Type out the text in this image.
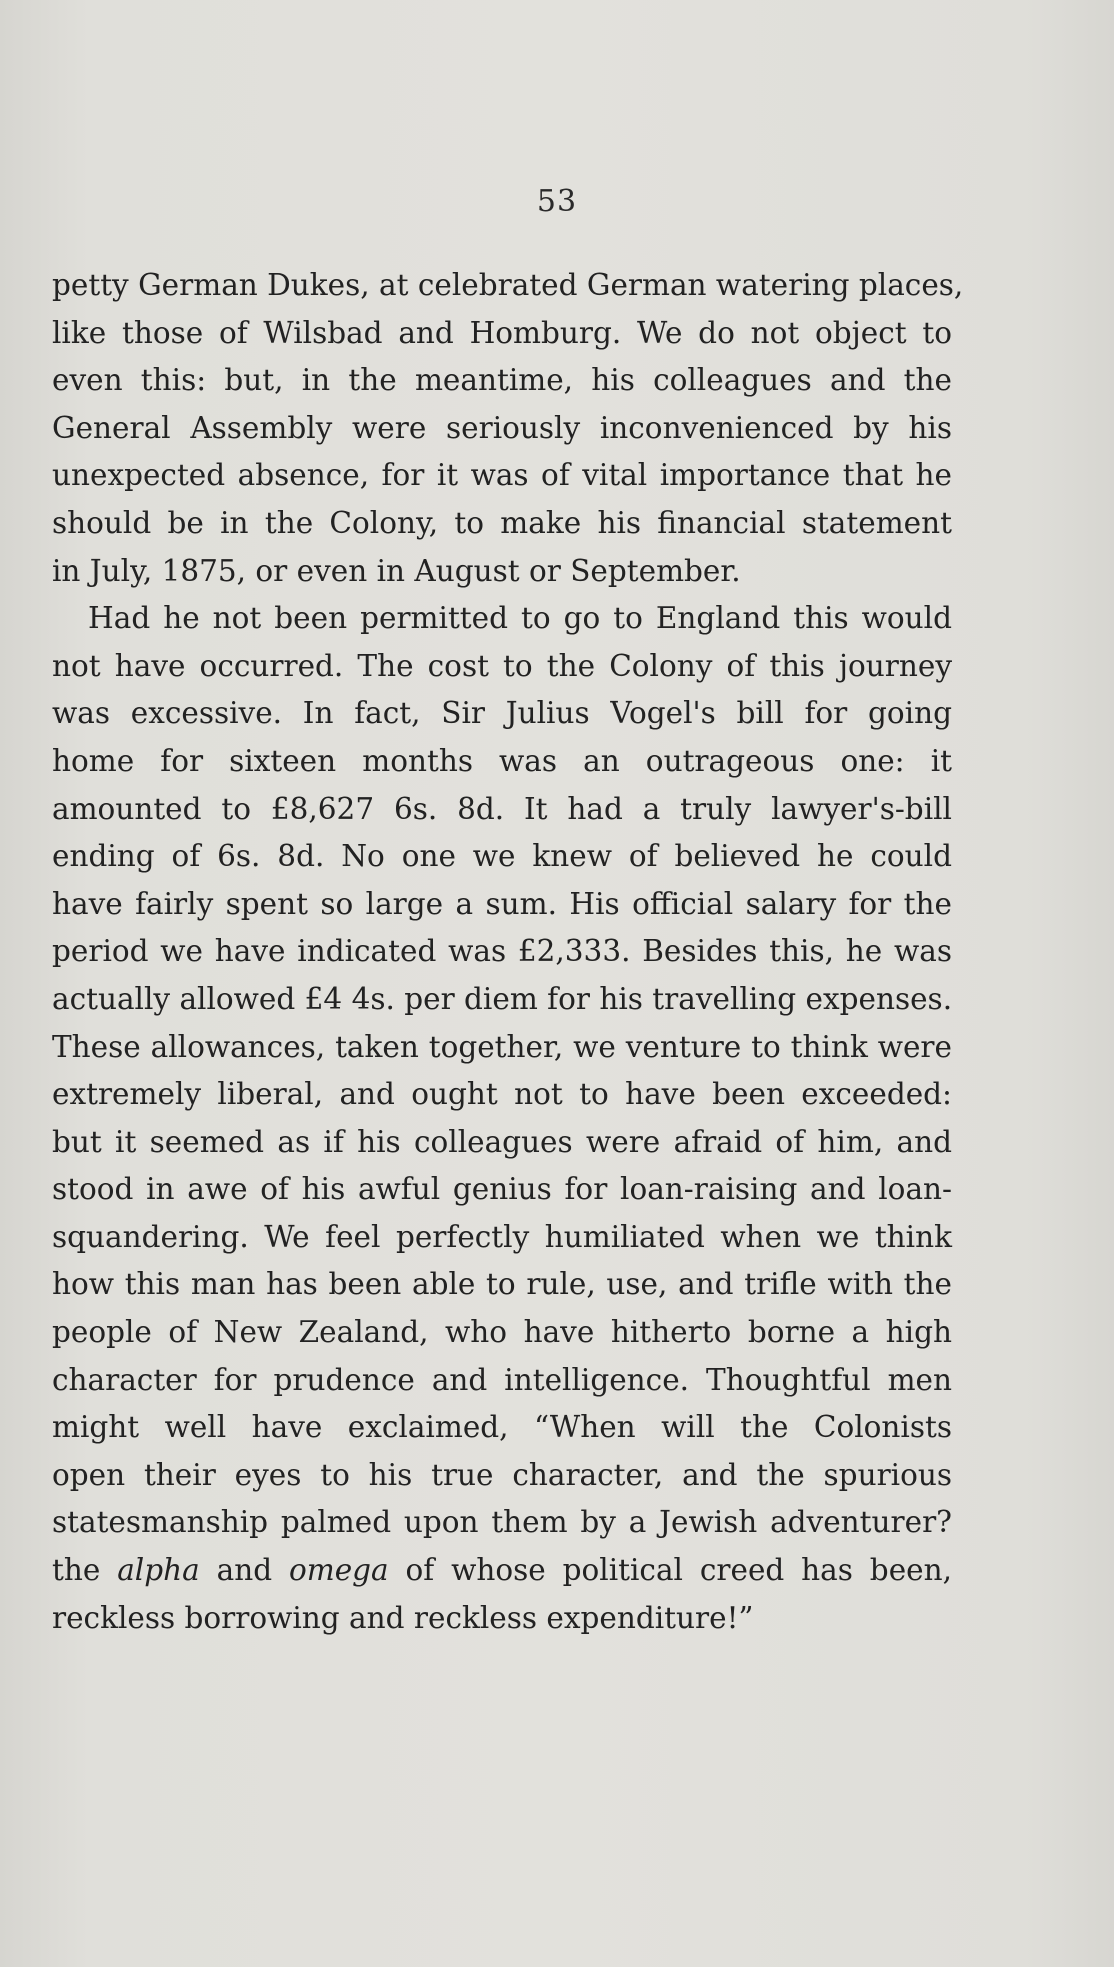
53
petty German Dukes, at celebrated German watering places,
like those of Wilsbad and Homburg. We do not object to
even this: but, in the meantime, his colleagues and the
General Assembly were seriously inconvenienced by his
unexpected absence, for it was of vital importance that he
should be in the Colony, to make his financial statement
in July, 1875, or even in August or September.
Had he not been permitted to go to England this would
not have occurred. The cost to the Colony of this journey
was excessive. In fact, Sir Julius Vogel's bill for going
home for sixteen months was an outrageous one: it
amounted to £8,627 6s. 8d. It had a truly lawyer's-bill
ending of 6s. 8d. No one we knew of believed he could
have fairly spent so large a sum. His official salary for the
period we have indicated was £2,333. Besides this, he was
actually allowed £4 4s. per diem for his travelling expenses.
These allowances, taken together, we venture to think were
extremely liberal, and ought not to have been exceeded:
but it seemed as if his colleagues were afraid of him, and
stood in awe of his awful genius for loan-raising and loan-
squandering. We feel perfectly humiliated when we think
how this man has been able to rule, use, and trifle with the
people of New Zealand, who have hitherto borne a high
character for prudence and intelligence. Thoughtful men
might well have exclaimed, “When will the Colonists
open their eyes to his true character, and the spurious
statesmanship palmed upon them by a Jewish adventurer?
the alpha and omega of whose political creed has been,
reckless borrowing and reckless expenditure!”
